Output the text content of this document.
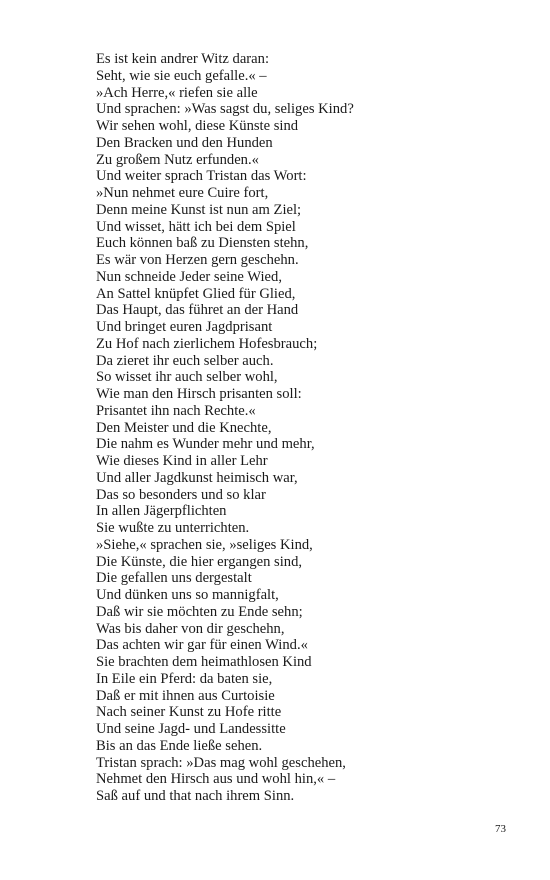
Es ist kein andrer Witz daran:
Seht, wie sie euch gefalle.« –
»Ach Herre,« riefen sie alle
Und sprachen: »Was sagst du, seliges Kind?
Wir sehen wohl, diese Künste sind
Den Bracken und den Hunden
Zu großem Nutz erfunden.«
Und weiter sprach Tristan das Wort:
»Nun nehmet eure Cuire fort,
Denn meine Kunst ist nun am Ziel;
Und wisset, hätt ich bei dem Spiel
Euch können baß zu Diensten stehn,
Es wär von Herzen gern geschehn.
Nun schneide Jeder seine Wied,
An Sattel knüpfet Glied für Glied,
Das Haupt, das führet an der Hand
Und bringet euren Jagdprisant
Zu Hof nach zierlichem Hofesbrauch;
Da zieret ihr euch selber auch.
So wisset ihr auch selber wohl,
Wie man den Hirsch prisanten soll:
Prisantet ihn nach Rechte.«
Den Meister und die Knechte,
Die nahm es Wunder mehr und mehr,
Wie dieses Kind in aller Lehr
Und aller Jagdkunst heimisch war,
Das so besonders und so klar
In allen Jägerpflichten
Sie wußte zu unterrichten.
»Siehe,« sprachen sie, »seliges Kind,
Die Künste, die hier ergangen sind,
Die gefallen uns dergestalt
Und dünken uns so mannigfalt,
Daß wir sie möchten zu Ende sehn;
Was bis daher von dir geschehn,
Das achten wir gar für einen Wind.«
Sie brachten dem heimathlosen Kind
In Eile ein Pferd: da baten sie,
Daß er mit ihnen aus Curtoisie
Nach seiner Kunst zu Hofe ritte
Und seine Jagd- und Landessitte
Bis an das Ende ließe sehen.
Tristan sprach: »Das mag wohl geschehen,
Nehmet den Hirsch aus und wohl hin,« –
Saß auf und that nach ihrem Sinn.
73
